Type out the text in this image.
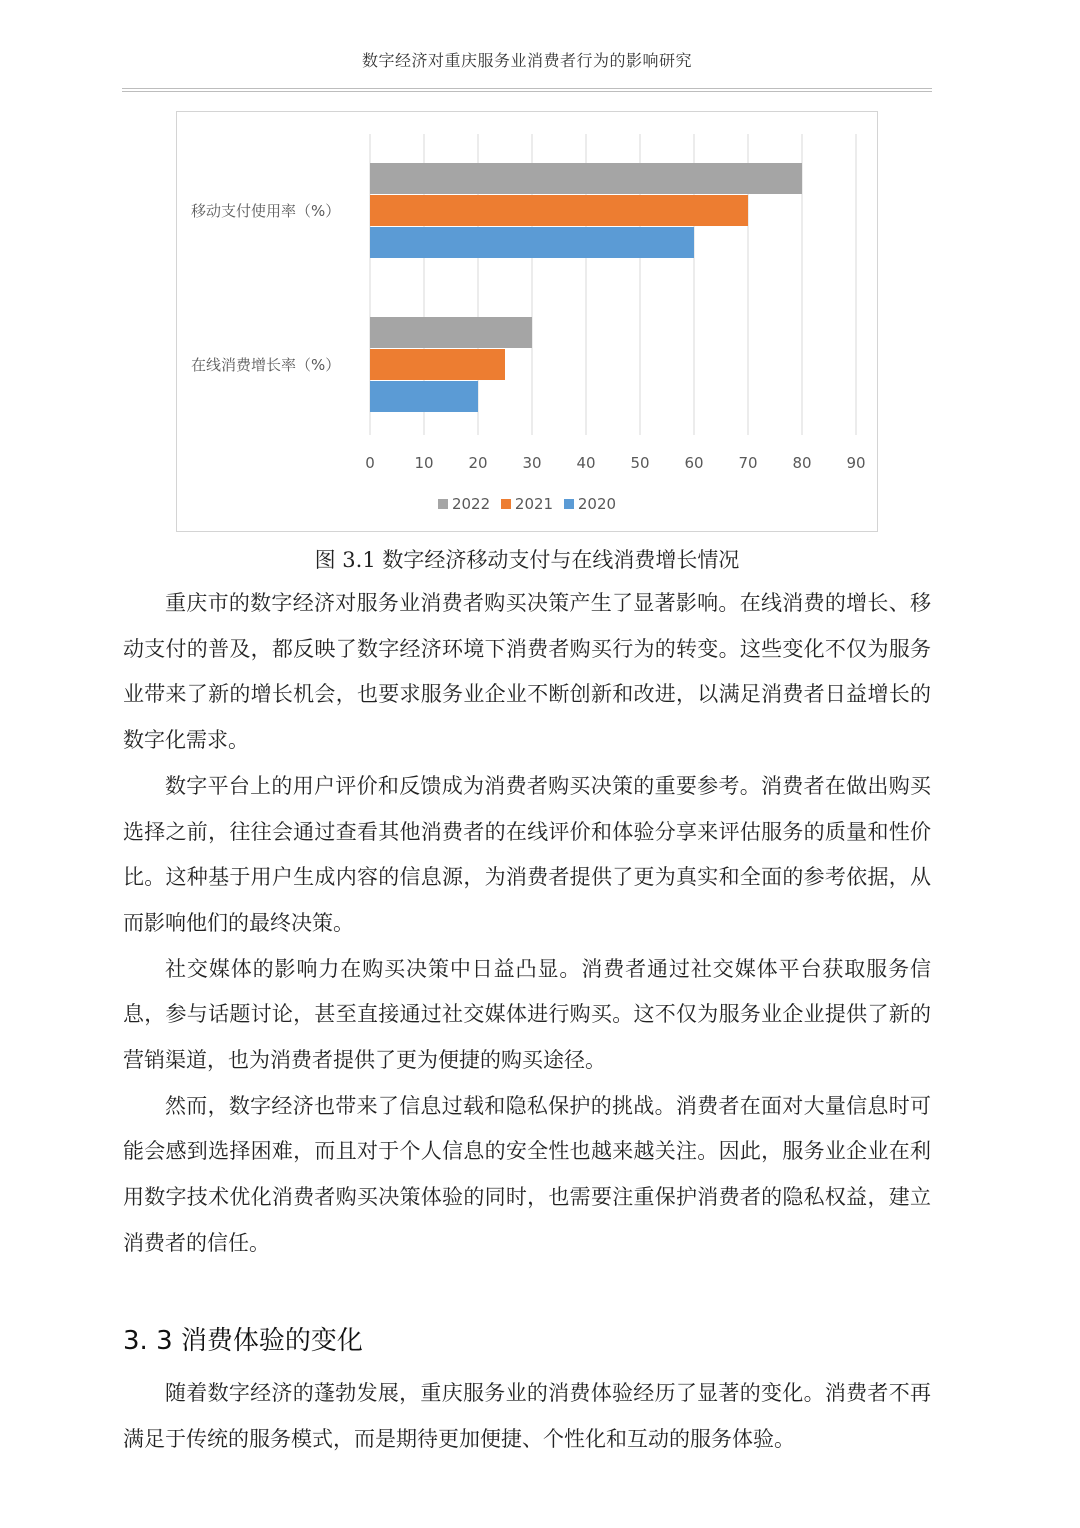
数字经济对重庆服务业消费者行为的影响研究
移动支付使用率（%）
在线消费增长率（%）
0	10	20	30	40	50	60	70	80	90
2022 2021 2020
图 3.1 数字经济移动支付与在线消费增长情况

重庆市的数字经济对服务业消费者购买决策产生了显著影响。在线消费的增长、移动支付的普及，都反映了数字经济环境下消费者购买行为的转变。这些变化不仅为服务业带来了新的增长机会，也要求服务业企业不断创新和改进，以满足消费者日益增长的数字化需求。

数字平台上的用户评价和反馈成为消费者购买决策的重要参考。消费者在做出购买选择之前，往往会通过查看其他消费者的在线评价和体验分享来评估服务的质量和性价比。这种基于用户生成内容的信息源，为消费者提供了更为真实和全面的参考依据，从而影响他们的最终决策。

社交媒体的影响力在购买决策中日益凸显。消费者通过社交媒体平台获取服务信息，参与话题讨论，甚至直接通过社交媒体进行购买。这不仅为服务业企业提供了新的营销渠道，也为消费者提供了更为便捷的购买途径。

然而，数字经济也带来了信息过载和隐私保护的挑战。消费者在面对大量信息时可能会感到选择困难，而且对于个人信息的安全性也越来越关注。因此，服务业企业在利用数字技术优化消费者购买决策体验的同时，也需要注重保护消费者的隐私权益，建立消费者的信任。

3. 3 消费体验的变化

随着数字经济的蓬勃发展，重庆服务业的消费体验经历了显著的变化。消费者不再满足于传统的服务模式，而是期待更加便捷、个性化和互动的服务体验。
